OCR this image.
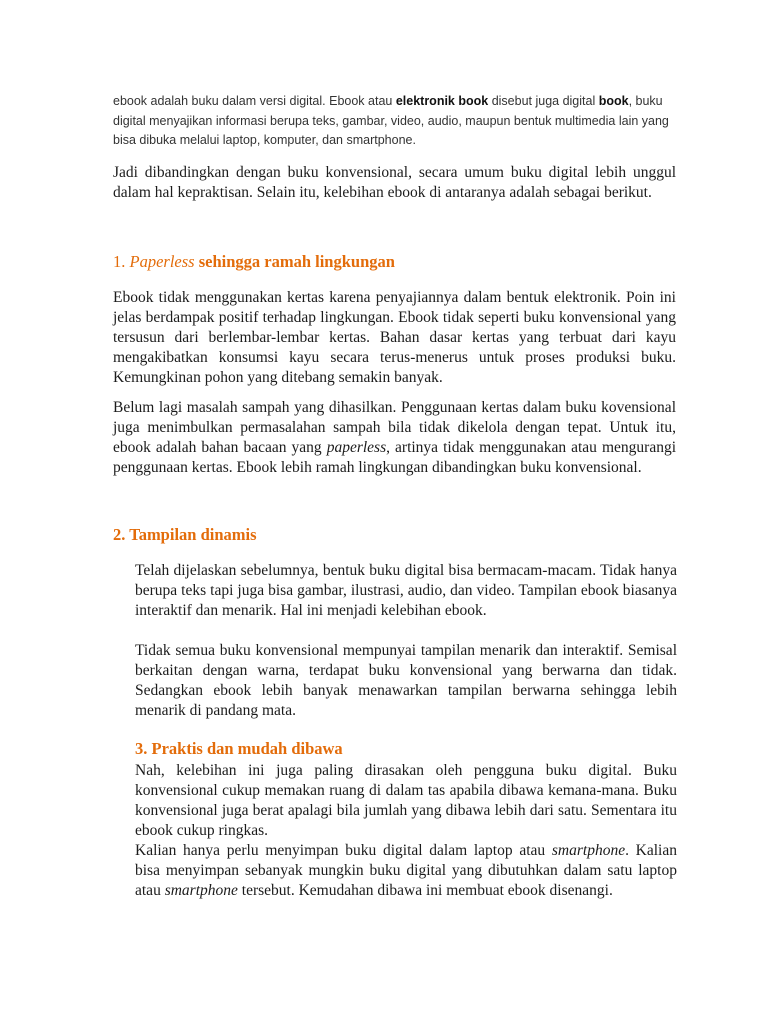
ebook adalah buku dalam versi digital. Ebook atau elektronik book disebut juga digital book, buku digital menyajikan informasi berupa teks, gambar, video, audio, maupun bentuk multimedia lain yang bisa dibuka melalui laptop, komputer, dan smartphone.

Jadi dibandingkan dengan buku konvensional, secara umum buku digital lebih unggul dalam hal kepraktisan. Selain itu, kelebihan ebook di antaranya adalah sebagai berikut.

1. Paperless sehingga ramah lingkungan

Ebook tidak menggunakan kertas karena penyajiannya dalam bentuk elektronik. Poin ini jelas berdampak positif terhadap lingkungan. Ebook tidak seperti buku konvensional yang tersusun dari berlembar-lembar kertas. Bahan dasar kertas yang terbuat dari kayu mengakibatkan konsumsi kayu secara terus-menerus untuk proses produksi buku. Kemungkinan pohon yang ditebang semakin banyak.

Belum lagi masalah sampah yang dihasilkan. Penggunaan kertas dalam buku kovensional juga menimbulkan permasalahan sampah bila tidak dikelola dengan tepat. Untuk itu, ebook adalah bahan bacaan yang paperless, artinya tidak menggunakan atau mengurangi penggunaan kertas. Ebook lebih ramah lingkungan dibandingkan buku konvensional.

2. Tampilan dinamis

Telah dijelaskan sebelumnya, bentuk buku digital bisa bermacam-macam. Tidak hanya berupa teks tapi juga bisa gambar, ilustrasi, audio, dan video. Tampilan ebook biasanya interaktif dan menarik. Hal ini menjadi kelebihan ebook.

Tidak semua buku konvensional mempunyai tampilan menarik dan interaktif. Semisal berkaitan dengan warna, terdapat buku konvensional yang berwarna dan tidak. Sedangkan ebook lebih banyak menawarkan tampilan berwarna sehingga lebih menarik di pandang mata.

3. Praktis dan mudah dibawa

Nah, kelebihan ini juga paling dirasakan oleh pengguna buku digital. Buku konvensional cukup memakan ruang di dalam tas apabila dibawa kemana-mana. Buku konvensional juga berat apalagi bila jumlah yang dibawa lebih dari satu. Sementara itu ebook cukup ringkas.

Kalian hanya perlu menyimpan buku digital dalam laptop atau smartphone. Kalian bisa menyimpan sebanyak mungkin buku digital yang dibutuhkan dalam satu laptop atau smartphone tersebut. Kemudahan dibawa ini membuat ebook disenangi.
